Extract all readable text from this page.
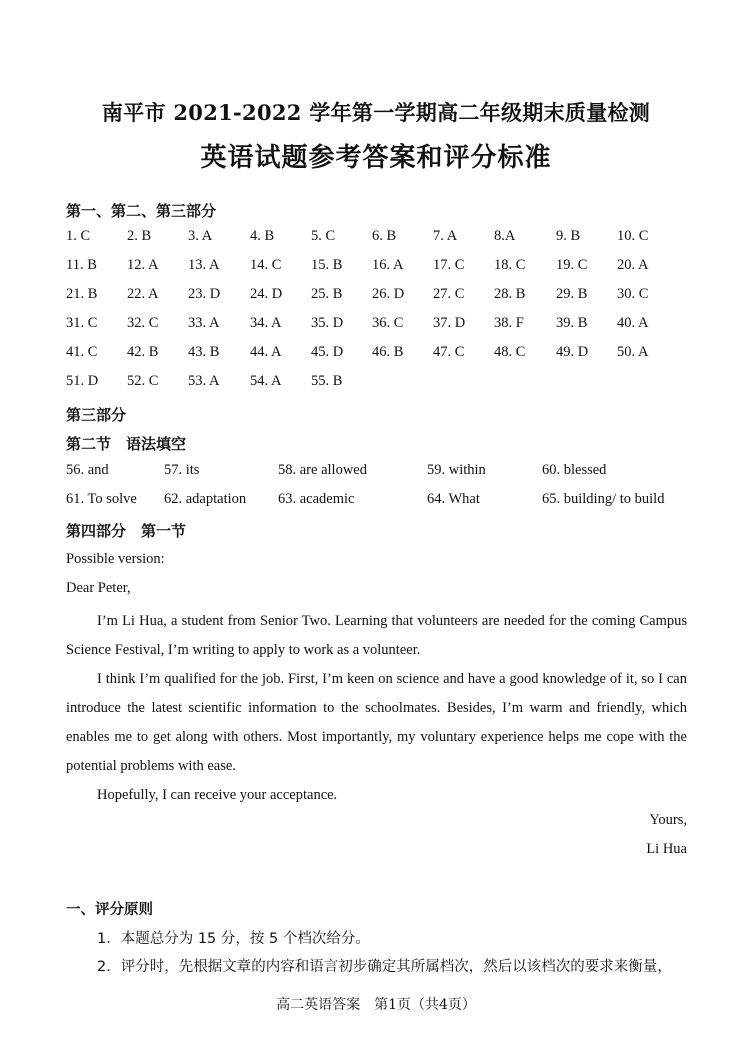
南平市 2021-2022 学年第一学期高二年级期末质量检测
英语试题参考答案和评分标准
第一、第二、第三部分
1. C	2. B	3. A	4. B	5. C	6. B	7. A	8.A	9. B	10. C
11. B 12. A 13. A 14. C 15. B 16. A 17. C 18. C 19. C 20. A
21. B 22. A 23. D 24. D 25. B 26. D 27. C 28. B 29. B 30. C
31. C 32. C 33. A 34. A 35. D 36. C 37. D 38. F 39. B 40. A
41. C 42. B 43. B 44. A 45. D 46. B 47. C 48. C 49. D 50. A
51. D 52. C 53. A 54. A 55. B
第三部分
第二节　语法填空
56. and	57. its	58. are allowed	59. within	60. blessed
61. To solve 62. adaptation 63. academic	64. What	65. building/ to build
第四部分　第一节
Possible version:
Dear Peter,
I’m Li Hua, a student from Senior Two. Learning that volunteers are needed for the coming Campus Science Festival, I’m writing to apply to work as a volunteer.
I think I’m qualified for the job. First, I’m keen on science and have a good knowledge of it, so I can introduce the latest scientific information to the schoolmates. Besides, I’m warm and friendly, which enables me to get along with others. Most importantly, my voluntary experience helps me cope with the potential problems with ease.
Hopefully, I can receive your acceptance.
Yours,
Li Hua
一、评分原则
1．本题总分为 15 分，按 5 个档次给分。
2．评分时，先根据文章的内容和语言初步确定其所属档次，然后以该档次的要求来衡量，
高二英语答案　第1页（共4页）
